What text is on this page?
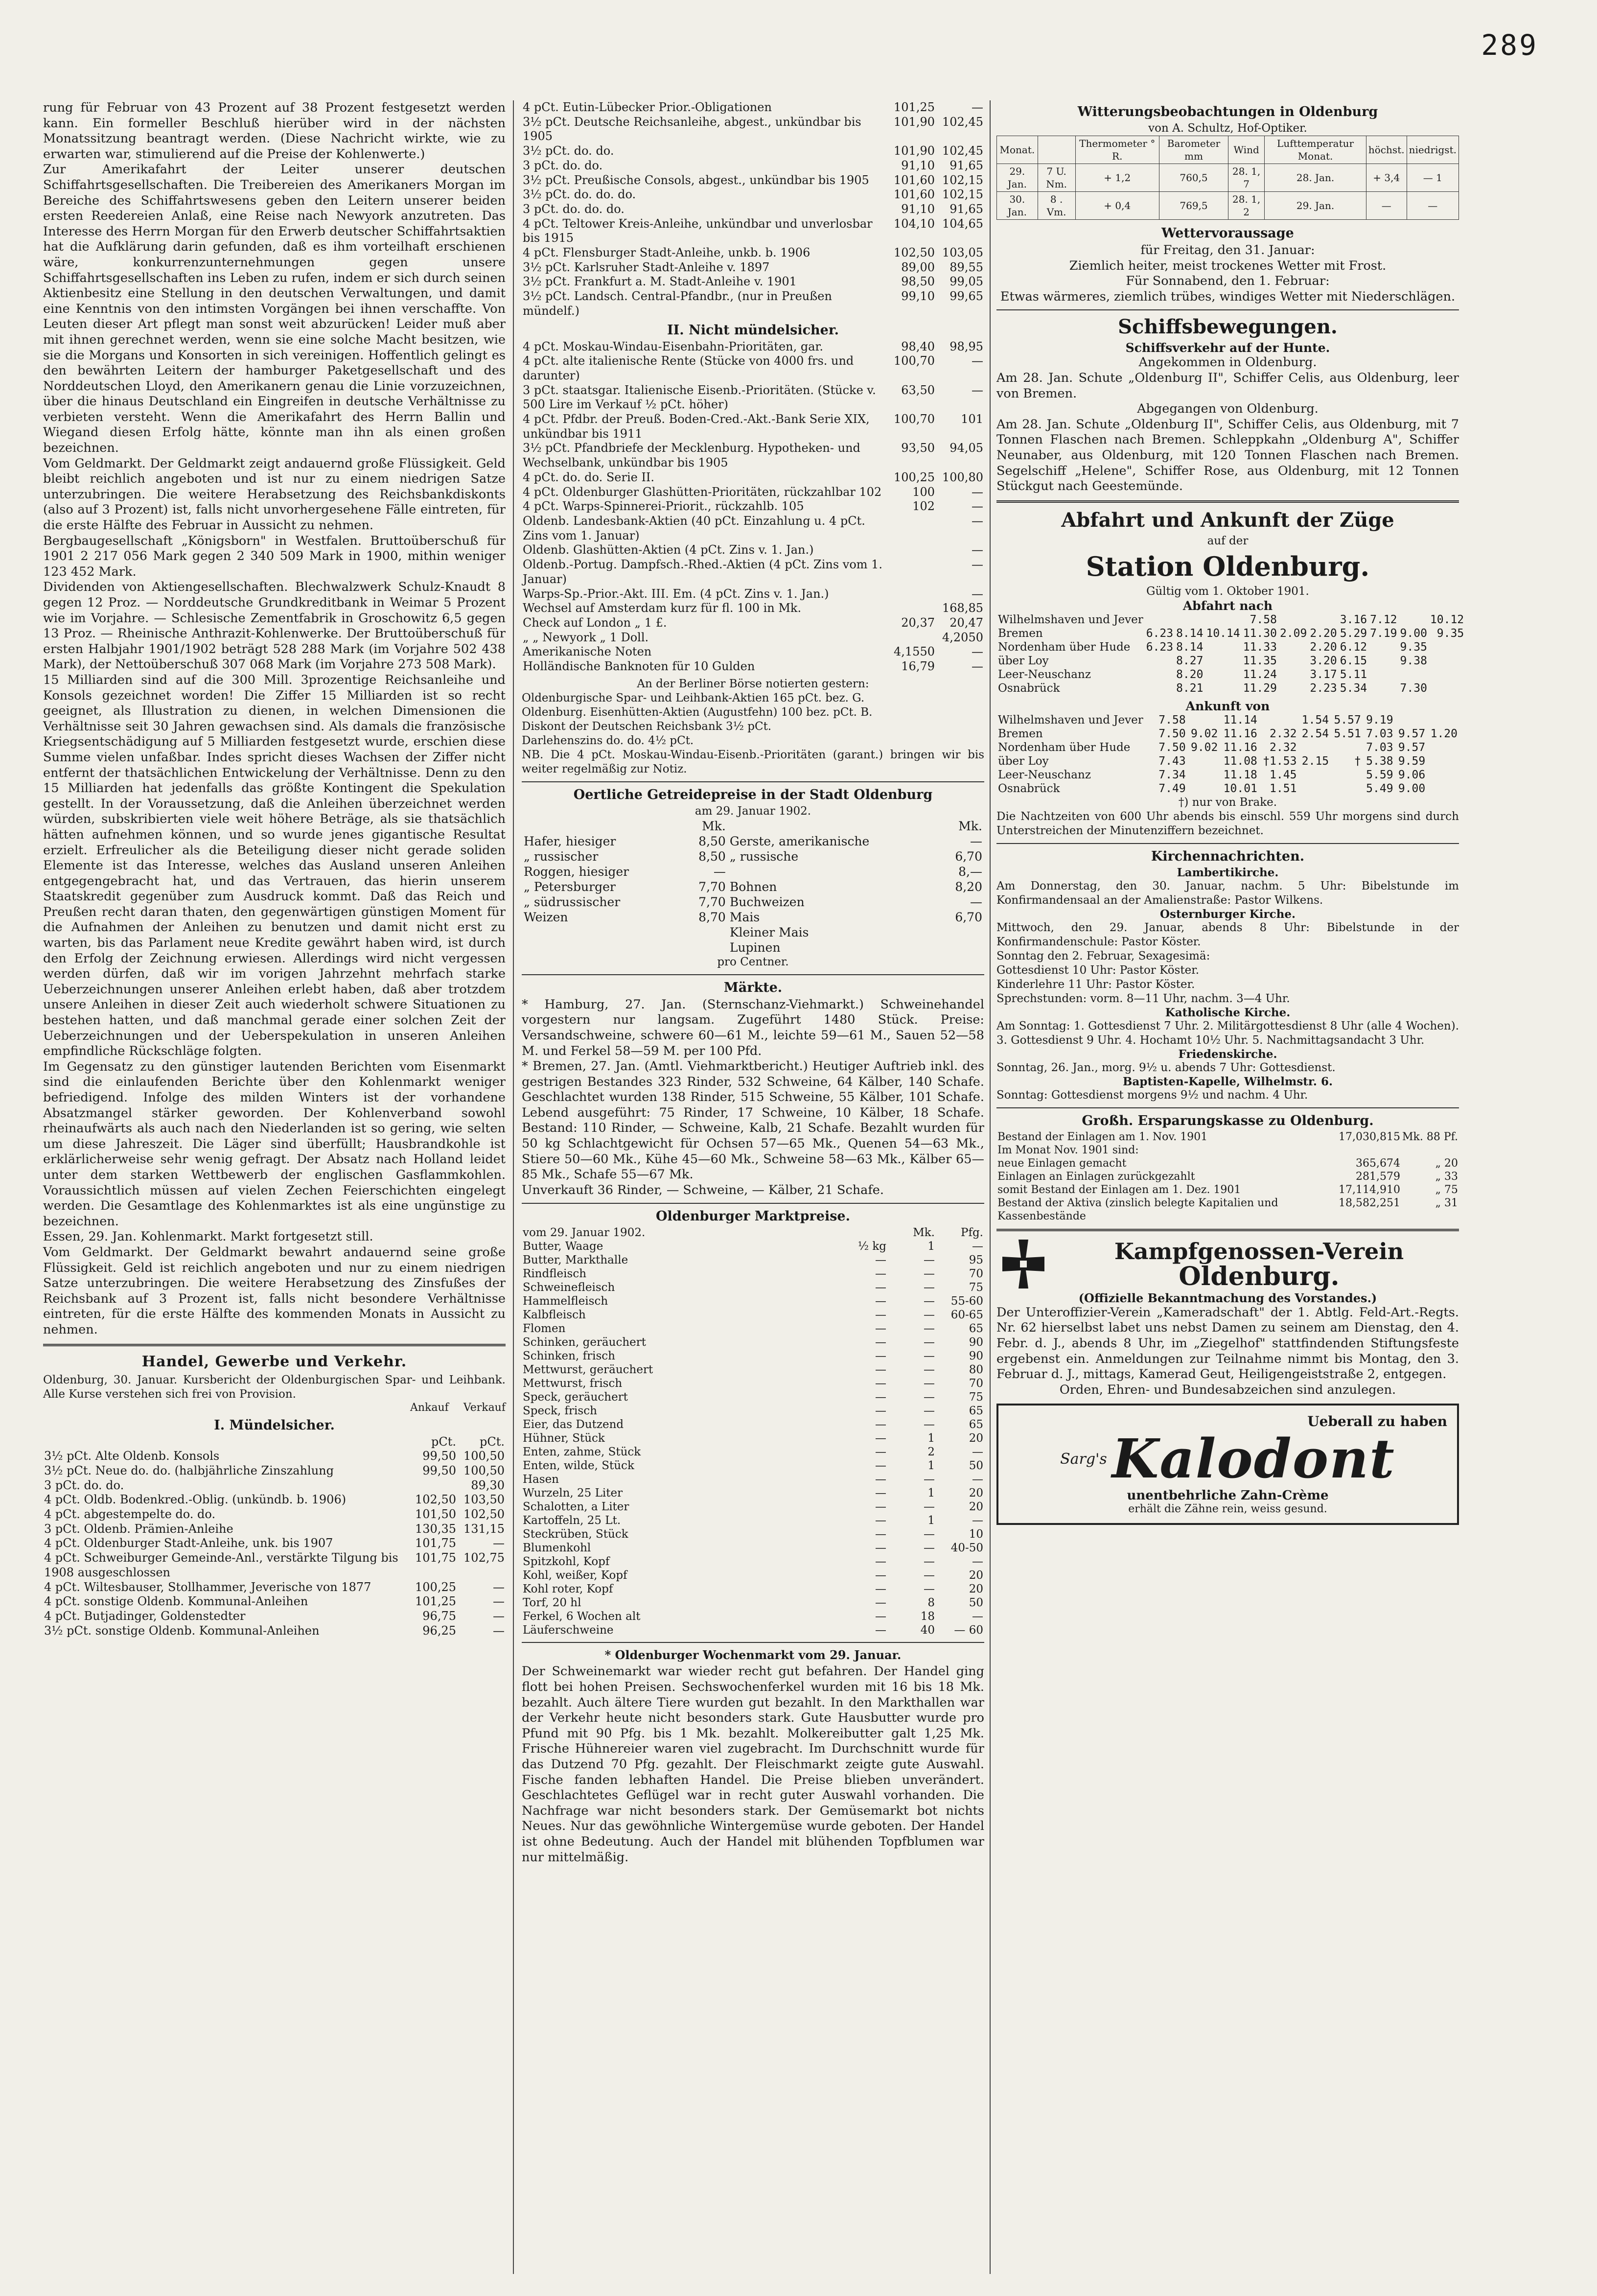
289

rung für Februar von 43 Prozent auf 38 Prozent festgesetzt werden kann. Ein formeller Beschluß hierüber wird in der nächsten Monatssitzung beantragt werden. (Diese Nachricht wirkte, wie zu erwarten war, stimulierend auf die Preise der Kohlenwerte.)

Zur Amerikafahrt der Leiter unserer deutschen Schiffahrtsgesellschaften. Die Treibereien des Amerikaners Morgan im Bereiche des Schiffahrtswesens geben den Leitern unserer beiden ersten Reedereien Anlaß, eine Reise nach Newyork anzutreten. Das Interesse des Herrn Morgan für den Erwerb deutscher Schiffahrtsaktien hat die Aufklärung darin gefunden, daß es ihm vorteilhaft erschienen wäre, konkurrenzunternehmungen gegen unsere Schiffahrtsgesellschaften ins Leben zu rufen, indem er sich durch seinen Aktienbesitz eine Stellung in den deutschen Verwaltungen, und damit eine Kenntnis von den intimsten Vorgängen bei ihnen verschaffte. Von Leuten dieser Art pflegt man sonst weit abzurücken! Leider muß aber mit ihnen gerechnet werden, wenn sie eine solche Macht besitzen, wie sie die Morgans und Konsorten in sich vereinigen. Hoffentlich gelingt es den bewährten Leitern der hamburger Paketgesellschaft und des Norddeutschen Lloyd, den Amerikanern genau die Linie vorzuzeichnen, über die hinaus Deutschland ein Eingreifen in deutsche Verhältnisse zu verbieten versteht. Wenn die Amerikafahrt des Herrn Ballin und Wiegand diesen Erfolg hätte, könnte man ihn als einen großen bezeichnen.

Vom Geldmarkt. Der Geldmarkt zeigt andauernd große Flüssigkeit. Geld bleibt reichlich angeboten und ist nur zu einem niedrigen Satze unterzubringen. Die weitere Herabsetzung des Reichsbankdiskonts (also auf 3 Prozent) ist, falls nicht unvorhergesehene Fälle eintreten, für die erste Hälfte des Februar in Aussicht zu nehmen.

Bergbaugesellschaft „Königsborn" in Westfalen. Bruttoüberschuß für 1901 2 217 056 Mark gegen 2 340 509 Mark in 1900, mithin weniger 123 452 Mark.

Dividenden von Aktiengesellschaften. Blechwalzwerk Schulz-Knaudt 8 gegen 12 Proz. — Norddeutsche Grundkreditbank in Weimar 5 Prozent wie im Vorjahre. — Schlesische Zementfabrik in Groschowitz 6,5 gegen 13 Proz. — Rheinische Anthrazit-Kohlenwerke. Der Bruttoüberschuß für ersten Halbjahr 1901/1902 beträgt 528 288 Mark (im Vorjahre 502 438 Mark), der Nettoüberschuß 307 068 Mark (im Vorjahre 273 508 Mark).

15 Milliarden sind auf die 300 Mill. 3prozentige Reichsanleihe und Konsols gezeichnet worden! Die Ziffer 15 Milliarden ist so recht geeignet, als Illustration zu dienen, in welchen Dimensionen die Verhältnisse seit 30 Jahren gewachsen sind. Als damals die französische Kriegsentschädigung auf 5 Milliarden festgesetzt wurde, erschien diese Summe vielen unfaßbar. Indes spricht dieses Wachsen der Ziffer nicht entfernt der thatsächlichen Entwickelung der Verhältnisse. Denn zu den 15 Milliarden hat jedenfalls das größte Kontingent die Spekulation gestellt. In der Voraussetzung, daß die Anleihen überzeichnet werden würden, subskribierten viele weit höhere Beträge, als sie thatsächlich hätten aufnehmen können, und so wurde jenes gigantische Resultat erzielt. Erfreulicher als die Beteiligung dieser nicht gerade soliden Elemente ist das Interesse, welches das Ausland unseren Anleihen entgegengebracht hat, und das Vertrauen, das hierin unserem Staatskredit gegenüber zum Ausdruck kommt. Daß das Reich und Preußen recht daran thaten, den gegenwärtigen günstigen Moment für die Aufnahmen der Anleihen zu benutzen und damit nicht erst zu warten, bis das Parlament neue Kredite gewährt haben wird, ist durch den Erfolg der Zeichnung erwiesen. Allerdings wird nicht vergessen werden dürfen, daß wir im vorigen Jahrzehnt mehrfach starke Ueberzeichnungen unserer Anleihen erlebt haben, daß aber trotzdem unsere Anleihen in dieser Zeit auch wiederholt schwere Situationen zu bestehen hatten, und daß manchmal gerade einer solchen Zeit der Ueberzeichnungen und der Ueberspekulation in unseren Anleihen empfindliche Rückschläge folgten.

Im Gegensatz zu den günstiger lautenden Berichten vom Eisenmarkt sind die einlaufenden Berichte über den Kohlenmarkt weniger befriedigend. Infolge des milden Winters ist der vorhandene Absatzmangel stärker geworden. Der Kohlenverband sowohl rheinaufwärts als auch nach den Niederlanden ist so gering, wie selten um diese Jahreszeit. Die Läger sind überfüllt; Hausbrandkohle ist erklärlicherweise sehr wenig gefragt. Der Absatz nach Holland leidet unter dem starken Wettbewerb der englischen Gasflammkohlen. Voraussichtlich müssen auf vielen Zechen Feierschichten eingelegt werden. Die Gesamtlage des Kohlenmarktes ist als eine ungünstige zu bezeichnen.

Essen, 29. Jan. Kohlenmarkt. Markt fortgesetzt still.

Vom Geldmarkt. Der Geldmarkt bewahrt andauernd seine große Flüssigkeit. Geld ist reichlich angeboten und nur zu einem niedrigen Satze unterzubringen. Die weitere Herabsetzung des Zinsfußes der Reichsbank auf 3 Prozent ist, falls nicht besondere Verhältnisse eintreten, für die erste Hälfte des kommenden Monats in Aussicht zu nehmen.

Handel, Gewerbe und Verkehr.
Oldenburg, 30. Januar. Kursbericht der Oldenburgischen Spar- und Leihbank. Alle Kurse verstehen sich frei von Provision.
Ankauf Verkauf
I. Mündelsicher.
	pCt.	pCt.
3½ pCt. Alte Oldenb. Konsols	99,50	100,50
3½ pCt. Neue do. do. (halbjährliche Zinszahlung	99,50	100,50
3 pCt. do. do.		89,30
4 pCt. Oldb. Bodenkred.-Oblig. (unkündb. b. 1906)	102,50	103,50
4 pCt. abgestempelte do. do.	101,50	102,50
3 pCt. Oldenb. Prämien-Anleihe	130,35	131,15
4 pCt. Oldenburger Stadt-Anleihe, unk. bis 1907	101,75	—
4 pCt. Schweiburger Gemeinde-Anl., verstärkte Tilgung bis 1908 ausgeschlossen	101,75	102,75
4 pCt. Wiltesbauser, Stollhammer, Jeverische von 1877	100,25	—
4 pCt. sonstige Oldenb. Kommunal-Anleihen	101,25	—
4 pCt. Butjadinger, Goldenstedter	96,75	—
3½ pCt. sonstige Oldenb. Kommunal-Anleihen	96,25	—
4 pCt. Eutin-Lübecker Prior.-Obligationen	101,25	—
3½ pCt. Deutsche Reichsanleihe, abgest., unkündbar bis 1905	101,90	102,45
3½ pCt. do. do.	101,90	102,45
3 pCt. do. do.	91,10	91,65
3½ pCt. Preußische Consols, abgest., unkündbar bis 1905	101,60	102,15
3½ pCt. do. do. do.	101,60	102,15
3 pCt. do. do. do.	91,10	91,65
4 pCt. Teltower Kreis-Anleihe, unkündbar und unverlosbar bis 1915	104,10	104,65
4 pCt. Flensburger Stadt-Anleihe, unkb. b. 1906	102,50	103,05
3½ pCt. Karlsruher Stadt-Anleihe v. 1897	89,00	89,55
3½ pCt. Frankfurt a. M. Stadt-Anleihe v. 1901	98,50	99,05
3½ pCt. Landsch. Central-Pfandbr., (nur in Preußen mündelf.)	99,10	99,65
II. Nicht mündelsicher.
4 pCt. Moskau-Windau-Eisenbahn-Prioritäten, gar.	98,40	98,95
4 pCt. alte italienische Rente (Stücke von 4000 frs. und darunter)	100,70	—
3 pCt. staatsgar. Italienische Eisenb.-Prioritäten. (Stücke v. 500 Lire im Verkauf ½ pCt. höher)	63,50	—
4 pCt. Pfdbr. der Preuß. Boden-Cred.-Akt.-Bank Serie XIX, unkündbar bis 1911	100,70	101
3½ pCt. Pfandbriefe der Mecklenburg. Hypotheken- und Wechselbank, unkündbar bis 1905	93,50	94,05
4 pCt. do. do. Serie II.	100,25	100,80
4 pCt. Oldenburger Glashütten-Prioritäten, rückzahlbar 102	100	—
4 pCt. Warps-Spinnerei-Priorit., rückzahlb. 105	102	—
Oldenb. Landesbank-Aktien (40 pCt. Einzahlung u. 4 pCt. Zins vom 1. Januar)		—
Oldenb. Glashütten-Aktien (4 pCt. Zins v. 1. Jan.)		—
Oldenb.-Portug. Dampfsch.-Rhed.-Aktien (4 pCt. Zins vom 1. Januar)		—
Warps-Sp.-Prior.-Akt. III. Em. (4 pCt. Zins v. 1. Jan.)		—
Wechsel auf Amsterdam kurz für fl. 100 in Mk.		168,85
Check auf London „ 1 £.	20,37	20,47
„ „ Newyork „ 1 Doll.		4,2050
Amerikanische Noten	4,1550	—
Holländische Banknoten für 10 Gulden	16,79	—
An der Berliner Börse notierten gestern:

Oldenburgische Spar- und Leihbank-Aktien 165 pCt. bez. G.

Oldenburg. Eisenhütten-Aktien (Augustfehn) 100 bez. pCt. B.

Diskont der Deutschen Reichsbank 3½ pCt.

Darlehenszins do. do. 4½ pCt.

NB. Die 4 pCt. Moskau-Windau-Eisenb.-Prioritäten (garant.) bringen wir bis weiter regelmäßig zur Notiz.

Oertliche Getreidepreise in der Stadt Oldenburg
am 29. Januar 1902.
	Mk.		Mk.
Hafer, hiesiger	8,50	Gerste, amerikanische	—
„ russischer	8,50	„ russische	6,70
Roggen, hiesiger	—		8,—
„ Petersburger	7,70	Bohnen	8,20
„ südrussischer	7,70	Buchweizen	—
Weizen	8,70	Mais	6,70
		Kleiner Mais	
		Lupinen	
pro Centner.
Märkte.

* Hamburg, 27. Jan. (Sternschanz-Viehmarkt.) Schweinehandel vorgestern nur langsam. Zugeführt 1480 Stück. Preise: Versandschweine, schwere 60—61 M., leichte 59—61 M., Sauen 52—58 M. und Ferkel 58—59 M. per 100 Pfd.

* Bremen, 27. Jan. (Amtl. Viehmarktbericht.) Heutiger Auftrieb inkl. des gestrigen Bestandes 323 Rinder, 532 Schweine, 64 Kälber, 140 Schafe. Geschlachtet wurden 138 Rinder, 515 Schweine, 55 Kälber, 101 Schafe. Lebend ausgeführt: 75 Rinder, 17 Schweine, 10 Kälber, 18 Schafe. Bestand: 110 Rinder, — Schweine, Kalb, 21 Schafe. Bezahlt wurden für 50 kg Schlachtgewicht für Ochsen 57—65 Mk., Quenen 54—63 Mk., Stiere 50—60 Mk., Kühe 45—60 Mk., Schweine 58—63 Mk., Kälber 65—85 Mk., Schafe 55—67 Mk.

Unverkauft 36 Rinder, — Schweine, — Kälber, 21 Schafe.

Oldenburger Marktpreise.
vom 29. Januar 1902.		Mk.	Pfg.
Butter, Waage	½ kg	1	—
Butter, Markthalle	—	—	95
Rindfleisch	—	—	70
Schweinefleisch	—	—	75
Hammelfleisch	—	—	55-60
Kalbfleisch	—	—	60-65
Flomen	—	—	65
Schinken, geräuchert	—	—	90
Schinken, frisch	—	—	90
Mettwurst, geräuchert	—	—	80
Mettwurst, frisch	—	—	70
Speck, geräuchert	—	—	75
Speck, frisch	—	—	65
Eier, das Dutzend	—	—	65
Hühner, Stück	—	1	20
Enten, zahme, Stück	—	2	—
Enten, wilde, Stück	—	1	50
Hasen	—	—	—
Wurzeln, 25 Liter	—	1	20
Schalotten, a Liter	—	—	20
Kartoffeln, 25 Lt.	—	1	—
Steckrüben, Stück	—	—	10
Blumenkohl	—	—	40-50
Spitzkohl, Kopf	—	—	—
Kohl, weißer, Kopf	—	—	20
Kohl roter, Kopf	—	—	20
Torf, 20 hl	—	8	50
Ferkel, 6 Wochen alt	—	18	—
Läuferschweine	—	40	— 60
* Oldenburger Wochenmarkt vom 29. Januar.
Der Schweinemarkt war wieder recht gut befahren. Der Handel ging flott bei hohen Preisen. Sechswochenferkel wurden mit 16 bis 18 Mk. bezahlt. Auch ältere Tiere wurden gut bezahlt. In den Markthallen war der Verkehr heute nicht besonders stark. Gute Hausbutter wurde pro Pfund mit 90 Pfg. bis 1 Mk. bezahlt. Molkereibutter galt 1,25 Mk. Frische Hühnereier waren viel zugebracht. Im Durchschnitt wurde für das Dutzend 70 Pfg. gezahlt. Der Fleischmarkt zeigte gute Auswahl. Fische fanden lebhaften Handel. Die Preise blieben unverändert. Geschlachtetes Geflügel war in recht guter Auswahl vorhanden. Die Nachfrage war nicht besonders stark. Der Gemüsemarkt bot nichts Neues. Nur das gewöhnliche Wintergemüse wurde geboten. Der Handel ist ohne Bedeutung. Auch der Handel mit blühenden Topfblumen war nur mittelmäßig.
Witterungsbeobachtungen in Oldenburg
von A. Schultz, Hof-Optiker.
Monat.		Thermometer ° R.	Barometer mm	Wind	Lufttemperatur Monat.	höchst.	niedrigst.
29. Jan.	7 U. Nm.	+ 1,2	760,5	28. 1, 7	28. Jan.	+ 3,4	— 1
30. Jan.	8 . Vm.	+ 0,4	769,5	28. 1, 2	29. Jan.	—	—
Wettervoraussage

für Freitag, den 31. Januar:

Ziemlich heiter, meist trockenes Wetter mit Frost.

Für Sonnabend, den 1. Februar:

Etwas wärmeres, ziemlich trübes, windiges Wetter mit Niederschlägen.

Schiffsbewegungen.
Schiffsverkehr auf der Hunte.
Angekommen in Oldenburg.
Am 28. Jan. Schute „Oldenburg II", Schiffer Celis, aus Oldenburg, leer von Bremen.
Abgegangen von Oldenburg.
Am 28. Jan. Schute „Oldenburg II", Schiffer Celis, aus Oldenburg, mit 7 Tonnen Flaschen nach Bremen. Schleppkahn „Oldenburg A", Schiffer Neunaber, aus Oldenburg, mit 120 Tonnen Flaschen nach Bremen. Segelschiff „Helene", Schiffer Rose, aus Oldenburg, mit 12 Tonnen Stückgut nach Geestemünde.
Abfahrt und Ankunft der Züge
auf der
Station Oldenburg.
Gültig vom 1. Oktober 1901.
Abfahrt nach
Wilhelmshaven und Jever				7.58			3.16	7.12		10.12
Bremen	6.23	8.14	10.14	11.30	2.09	2.20	5.29	7.19	9.00	9.35
Nordenham über Hude	6.23	8.14		11.33		2.20	6.12		9.35	
über Loy		8.27		11.35		3.20	6.15		9.38	
Leer-Neuschanz		8.20		11.24		3.17	5.11			
Osnabrück		8.21		11.29		2.23	5.34		7.30	
Ankunft von
Wilhelmshaven und Jever	7.58		11.14		1.54	5.57	9.19		
Bremen	7.50	9.02	11.16	2.32	2.54	5.51	7.03	9.57	1.20
Nordenham über Hude	7.50	9.02	11.16	2.32			7.03	9.57	
über Loy	7.43		11.08	†1.53	2.15	†	5.38	9.59	
Leer-Neuschanz	7.34		11.18	1.45			5.59	9.06	
Osnabrück	7.49		10.01	1.51			5.49	9.00	
†) nur von Brake.
Die Nachtzeiten von 600 Uhr abends bis einschl. 559 Uhr morgens sind durch Unterstreichen der Minutenziffern bezeichnet.
Kirchennachrichten.
Lambertikirche.
Am Donnerstag, den 30. Januar, nachm. 5 Uhr: Bibelstunde im Konfirmandensaal an der Amalienstraße: Pastor Wilkens.
Osternburger Kirche.

Mittwoch, den 29. Januar, abends 8 Uhr: Bibelstunde in der Konfirmandenschule: Pastor Köster.

Sonntag den 2. Februar, Sexagesimä:

Gottesdienst 10 Uhr: Pastor Köster.

Kinderlehre 11 Uhr: Pastor Köster.

Sprechstunden: vorm. 8—11 Uhr, nachm. 3—4 Uhr.

Katholische Kirche.
Am Sonntag: 1. Gottesdienst 7 Uhr. 2. Militärgottesdienst 8 Uhr (alle 4 Wochen). 3. Gottesdienst 9 Uhr. 4. Hochamt 10½ Uhr. 5. Nachmittagsandacht 3 Uhr.
Friedenskirche.
Sonntag, 26. Jan., morg. 9½ u. abends 7 Uhr: Gottesdienst.
Baptisten-Kapelle, Wilhelmstr. 6.
Sonntag: Gottesdienst morgens 9½ und nachm. 4 Uhr.
Großh. Ersparungskasse zu Oldenburg.
Bestand der Einlagen am 1. Nov. 1901	17,030,815	Mk. 88 Pf.
Im Monat Nov. 1901 sind:		
neue Einlagen gemacht	365,674	„ 20
Einlagen an Einlagen zurückgezahlt	281,579	„ 33
somit Bestand der Einlagen am 1. Dez. 1901	17,114,910	„ 75
Bestand der Aktiva (zinslich belegte Kapitalien und Kassenbestände	18,582,251	„ 31
Kampfgenossen-Verein
Oldenburg.
(Offizielle Bekanntmachung des Vorstandes.)
Der Unteroffizier-Verein „Kameradschaft" der 1. Abtlg. Feld-Art.-Regts. Nr. 62 hierselbst labet uns nebst Damen zu seinem am Dienstag, den 4. Febr. d. J., abends 8 Uhr, im „Ziegelhof" stattfindenden Stiftungsfeste ergebenst ein. Anmeldungen zur Teilnahme nimmt bis Montag, den 3. Februar d. J., mittags, Kamerad Geut, Heiligengeiststraße 2, entgegen.
Orden, Ehren- und Bundesabzeichen sind anzulegen.
Ueberall zu haben
Sarg's Kalodont
unentbehrliche Zahn-Crème
erhält die Zähne rein, weiss gesund.
